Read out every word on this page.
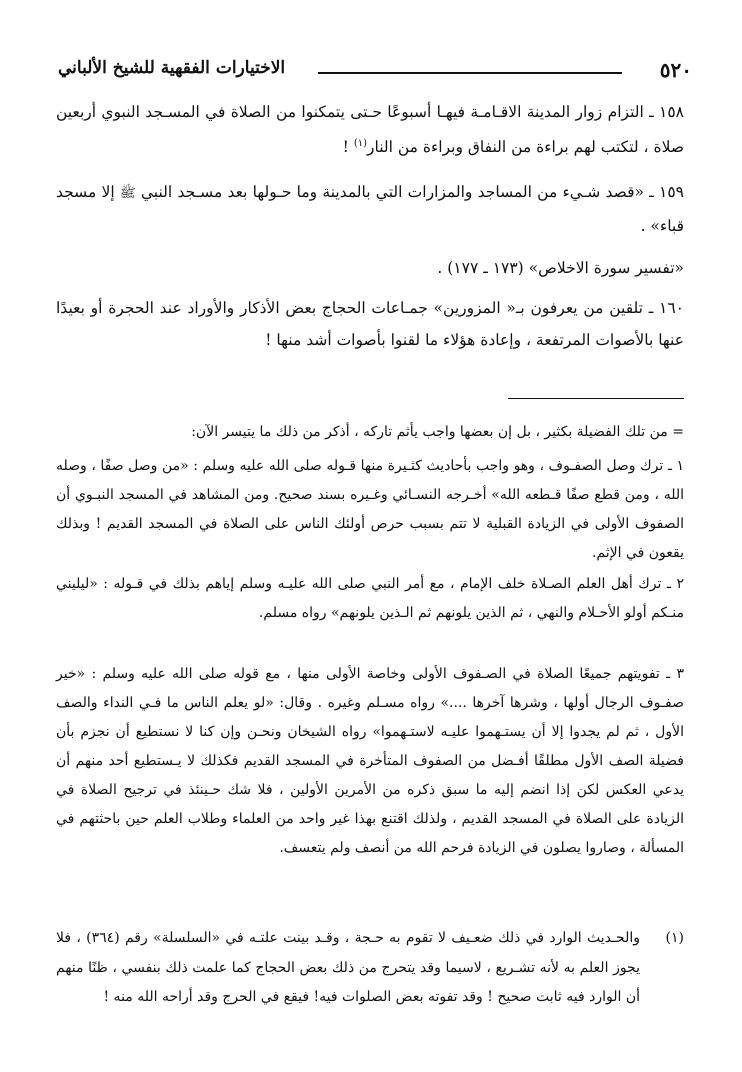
٥٢٠
الاختيارات الفقهية للشيخ الألباني
١٥٨ ـ التزام زوار المدينة الاقـامـة فيهـا أسبوعًا حـتى يتمكنوا من الصلاة في المسـجد النبوي أربعين صلاة ، لتكتب لهم براءة من النفاق وبراءة من النار$^{(١)}$ !
١٥٩ ـ «قصد شـيء من المساجد والمزارات التي بالمدينة وما حـولها بعد مسـجد النبي ﷺ إلا مسجد قباء» .
«تفسير سورة الاخلاص» (١٧٣ ـ ١٧٧) .
١٦٠ ـ تلقين من يعرفون بـ« المزورين» جمـاعات الحجاج بعض الأذكار والأوراد عند الحجرة أو بعيدًا عنها بالأصوات المرتفعة ، وإعادة هؤلاء ما لقنوا بأصوات أشد منها !
= من تلك الفضيلة بكثير ، بل إن بعضها واجب يأثم تاركه ، أذكر من ذلك ما يتيسر الآن:
١ ـ ترك وصل الصفـوف ، وهو واجب بأحاديث كثـيرة منها قـوله صلى الله عليه وسلم : «من وصل صفًا ، وصله الله ، ومن قطع صفًا قـطعه الله» أخـرجه النسـائي وغـيره بسند صحيح. ومن المشاهد في المسجد النبـوي أن الصفوف الأولى في الزيادة القبلية لا تتم بسبب حرص أولئك الناس على الصلاة في المسجد القديم ! وبذلك يقعون في الإثم.
٢ ـ ترك أهل العلم الصـلاة خلف الإمام ، مع أمر النبي صلى الله عليـه وسلم إياهم بذلك في قـوله : «ليليني منـكم أولو الأحـلام والنهي ، ثم الذين يلونهم ثم الـذين يلونهم» رواه مسلم.
٣ ـ تفويتهم جميعًا الصلاة في الصـفوف الأولى وخاصة الأولى منها ، مع قوله صلى الله عليه وسلم : «خير صفـوف الرجال أولها ، وشرها آخرها ....» رواه مسـلم وغيره . وقال: «لو يعلم الناس ما فـي النداء والصف الأول ، ثم لم يجدوا إلا أن يستـهموا عليـه لاستـهموا» رواه الشيخان ونحـن وإن كنا لا نستطيع أن نجزم بأن فضيلة الصف الأول مطلقًا أفـضل من الصفوف المتأخرة في المسجد القديم فكذلك لا يـستطيع أحد منهم أن يدعي العكس لكن إذا انضم إليه ما سبق ذكره من الأمرين الأولين ، فلا شك حـينئذ في ترجيح الصلاة في الزيادة على الصلاة في المسجد القديم ، ولذلك اقتنع بهذا غير واحد من العلماء وطلاب العلم حين باحثتهم في المسألة ، وصاروا يصلون في الزيادة فرحم الله من أنصف ولم يتعسف.
(١)
والحـديث الوارد في ذلك ضعـيف لا تقوم به حـجة ، وقـد بينت علتـه في «السلسلة» رقم (٣٦٤) ، فلا يجوز العلم به لأنه تشـريع ، لاسيما وقد يتحرج من ذلك بعض الحجاج كما علمت ذلك بنفسي ، ظنًا منهم أن الوارد فيه ثابت صحيح ! وقد تفوته بعض الصلوات فيه! فيقع في الحرج وقد أراحه الله منه !
